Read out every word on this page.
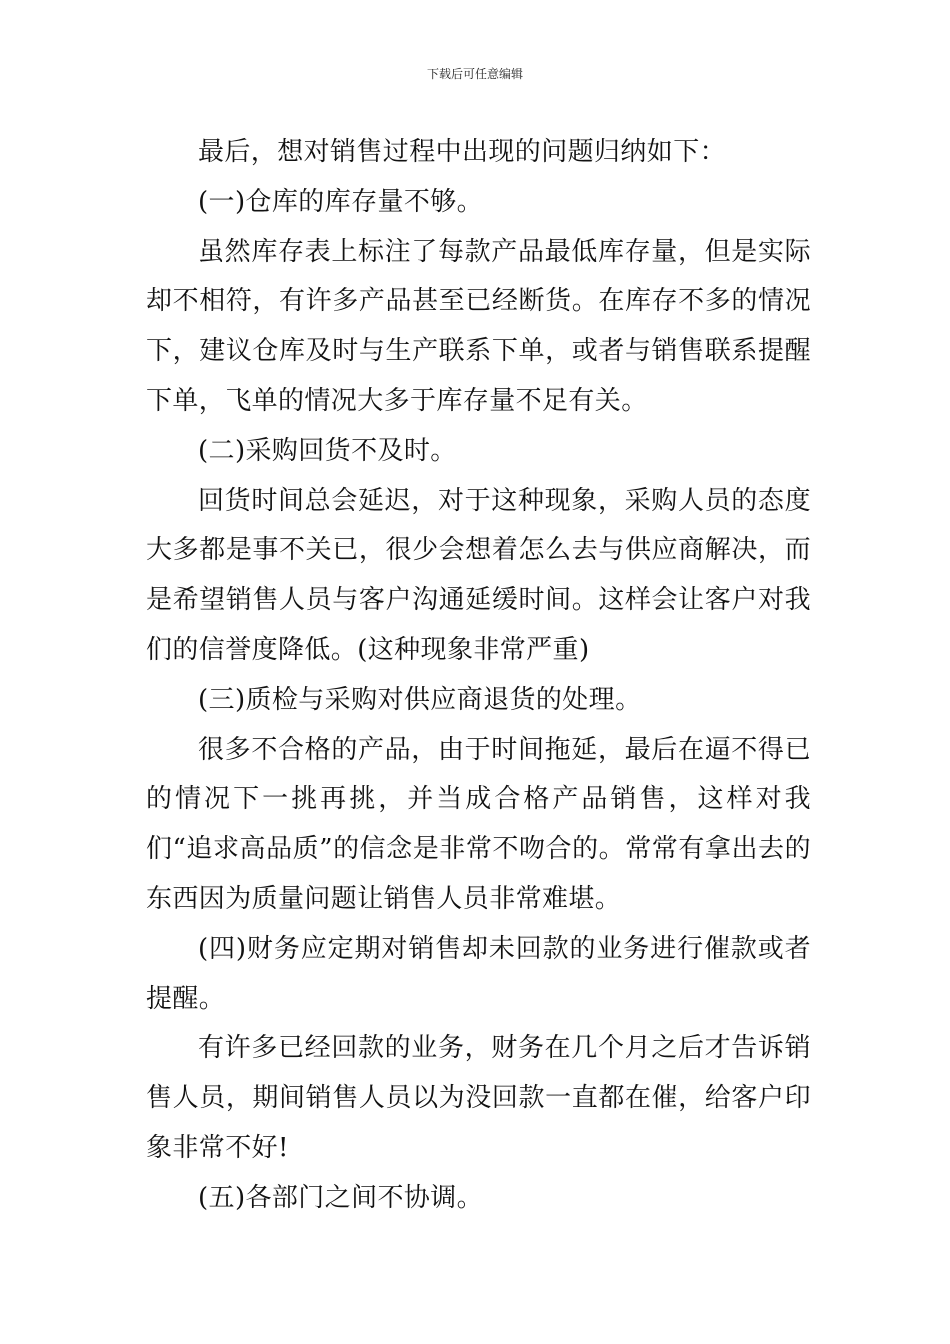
下载后可任意编辑

最后，想对销售过程中出现的问题归纳如下：

(一)仓库的库存量不够。

虽然库存表上标注了每款产品最低库存量，但是实际却不相符，有许多产品甚至已经断货。在库存不多的情况下，建议仓库及时与生产联系下单，或者与销售联系提醒下单，飞单的情况大多于库存量不足有关。

(二)采购回货不及时。

回货时间总会延迟，对于这种现象，采购人员的态度大多都是事不关已，很少会想着怎么去与供应商解决，而是希望销售人员与客户沟通延缓时间。这样会让客户对我们的信誉度降低。(这种现象非常严重)

(三)质检与采购对供应商退货的处理。

很多不合格的产品，由于时间拖延，最后在逼不得已的情况下一挑再挑，并当成合格产品销售，这样对我们“追求高品质”的信念是非常不吻合的。常常有拿出去的东西因为质量问题让销售人员非常难堪。

(四)财务应定期对销售却未回款的业务进行催款或者提醒。

有许多已经回款的业务，财务在几个月之后才告诉销售人员，期间销售人员以为没回款一直都在催，给客户印象非常不好!

(五)各部门之间不协调。
